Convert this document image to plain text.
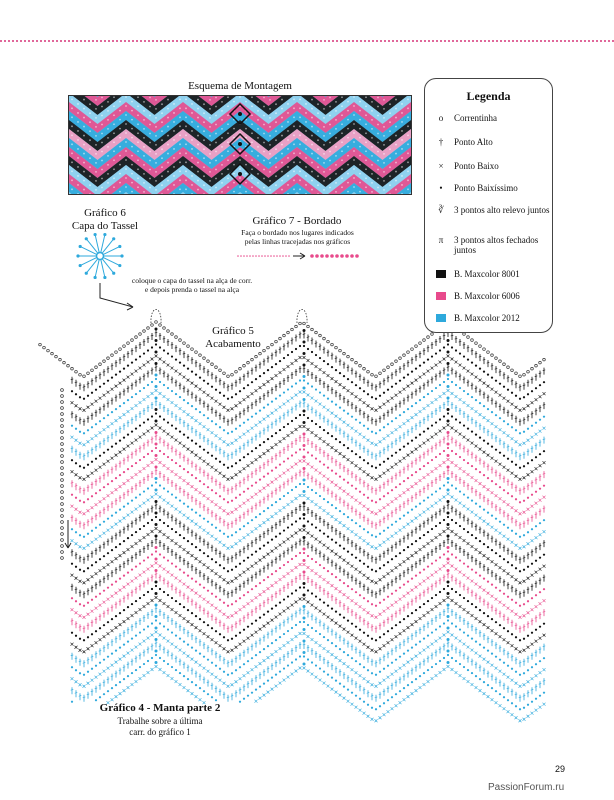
Esquema de Montagem
Gráfico 6
Capa do Tassel	Gráfico 7 - Bordado
Faça o bordado nos lugares indicados
pelas linhas tracejadas nos gráficos
coloque o capa do tassel na alça de corr.
e depois prenda o tassel na alça
Gráfico 5
Acabamento
Gráfico 4 - Manta parte 2
Trabalhe sobre a última
carr. do gráfico 1
Legenda
o	Correntinha
†	Ponto Alto
×	Ponto Baixo
•	Ponto Baixíssimo
∛	3 pontos alto relevo juntos
π	3 pontos altos fechados juntos
B. Maxcolor 8001
B. Maxcolor 6006
B. Maxcolor 2012
29
PassionForum.ru
